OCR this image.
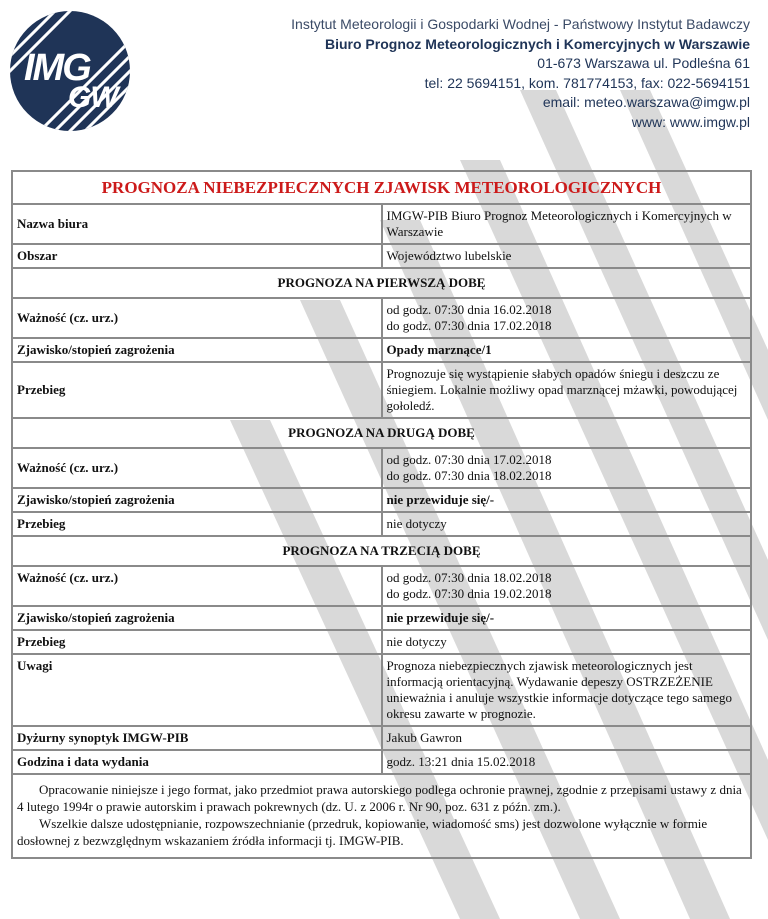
IMG
GW
Instytut Meteorologii i Gospodarki Wodnej - Państwowy Instytut Badawczy
Biuro Prognoz Meteorologicznych i Komercyjnych w Warszawie
01-673 Warszawa ul. Podleśna 61
tel: 22 5694151, kom. 781774153, fax: 022-5694151
email: meteo.warszawa@imgw.pl
www: www.imgw.pl
PROGNOZA NIEBEZPIECZNYCH ZJAWISK METEOROLOGICZNYCH	
Nazwa biura	IMGW-PIB Biuro Prognoz Meteorologicznych i Komercyjnych w Warszawie
Obszar	Województwo lubelskie
PROGNOZA NA PIERWSZĄ DOBĘ	
Ważność (cz. urz.)	od godz. 07:30 dnia 16.02.2018
do godz. 07:30 dnia 17.02.2018

Zjawisko/stopień zagrożenia	Opady marznące/1
Przebieg	Prognozuje się wystąpienie słabych opadów śniegu i deszczu ze śniegiem. Lokalnie możliwy opad marznącej mżawki, powodującej gołoledź.
PROGNOZA NA DRUGĄ DOBĘ	
Ważność (cz. urz.)	od godz. 07:30 dnia 17.02.2018
do godz. 07:30 dnia 18.02.2018

Zjawisko/stopień zagrożenia	nie przewiduje się/-
Przebieg	nie dotyczy
PROGNOZA NA TRZECIĄ DOBĘ	
Ważność (cz. urz.)	od godz. 07:30 dnia 18.02.2018
do godz. 07:30 dnia 19.02.2018

Zjawisko/stopień zagrożenia	nie przewiduje się/-
Przebieg	nie dotyczy
Uwagi	Prognoza niebezpiecznych zjawisk meteorologicznych jest informacją orientacyjną. Wydawanie depeszy OSTRZEŻENIE unieważnia i anuluje wszystkie informacje dotyczące tego samego okresu zawarte w prognozie.
Dyżurny synoptyk IMGW-PIB	Jakub Gawron
Godzina i data wydania	godz. 13:21 dnia 15.02.2018

Opracowanie niniejsze i jego format, jako przedmiot prawa autorskiego podlega ochronie prawnej, zgodnie z przepisami ustawy z dnia 4 lutego 1994r o prawie autorskim i prawach pokrewnych (dz. U. z 2006 r. Nr 90, poz. 631 z późn. zm.).

Wszelkie dalsze udostępnianie, rozpowszechnianie (przedruk, kopiowanie, wiadomość sms) jest dozwolone wyłącznie w formie dosłownej z bezwzględnym wskazaniem źródła informacji tj. IMGW-PIB.	
